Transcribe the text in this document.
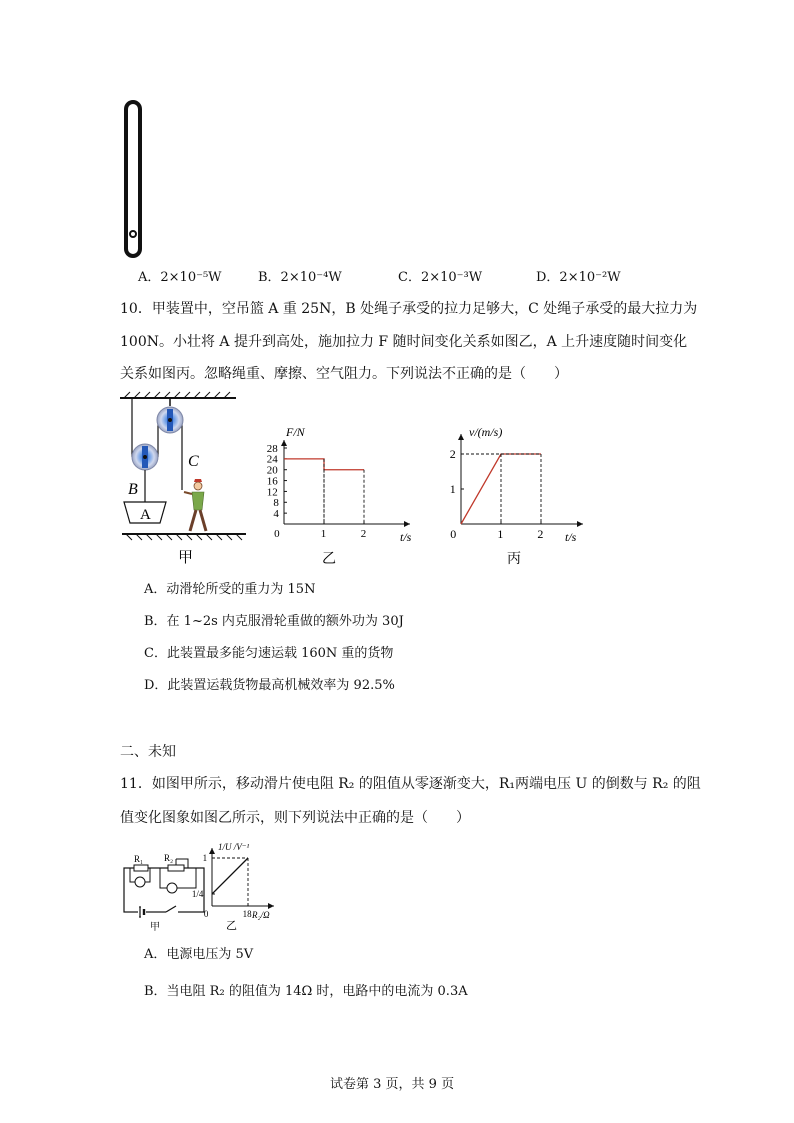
A．2×10⁻⁵W	B．2×10⁻⁴W	C．2×10⁻³W	D．2×10⁻²W
10．甲装置中，空吊篮 A 重 25N，B 处绳子承受的拉力足够大，C 处绳子承受的最大拉力为
100N。小壮将 A 提升到高处，施加拉力 F 随时间变化关系如图乙，A 上升速度随时间变化
关系如图丙。忽略绳重、摩擦、空气阻力。下列说法不正确的是（　　）
B
C
A
甲
F/N
t/s
乙
0	1	2
4
8
12
16
20
24
28
v/(m/s)
t/s
丙
0	1	2
1
2
A．动滑轮所受的重力为 15N
B．在 1~2s 内克服滑轮重做的额外功为 30J
C．此装置最多能匀速运载 160N 重的货物
D．此装置运载货物最高机械效率为 92.5%
二、未知
11．如图甲所示，移动滑片使电阻 R₂ 的阻值从零逐渐变大，R₁两端电压 U 的倒数与 R₂ 的阻
值变化图象如图乙所示，则下列说法中正确的是（　　）
R₁ R₂
甲
1/U /V⁻¹
R₂/Ω
乙
0	18
1/4
1
A．电源电压为 5V
B．当电阻 R₂ 的阻值为 14Ω 时，电路中的电流为 0.3A
试卷第 3 页，共 9 页
